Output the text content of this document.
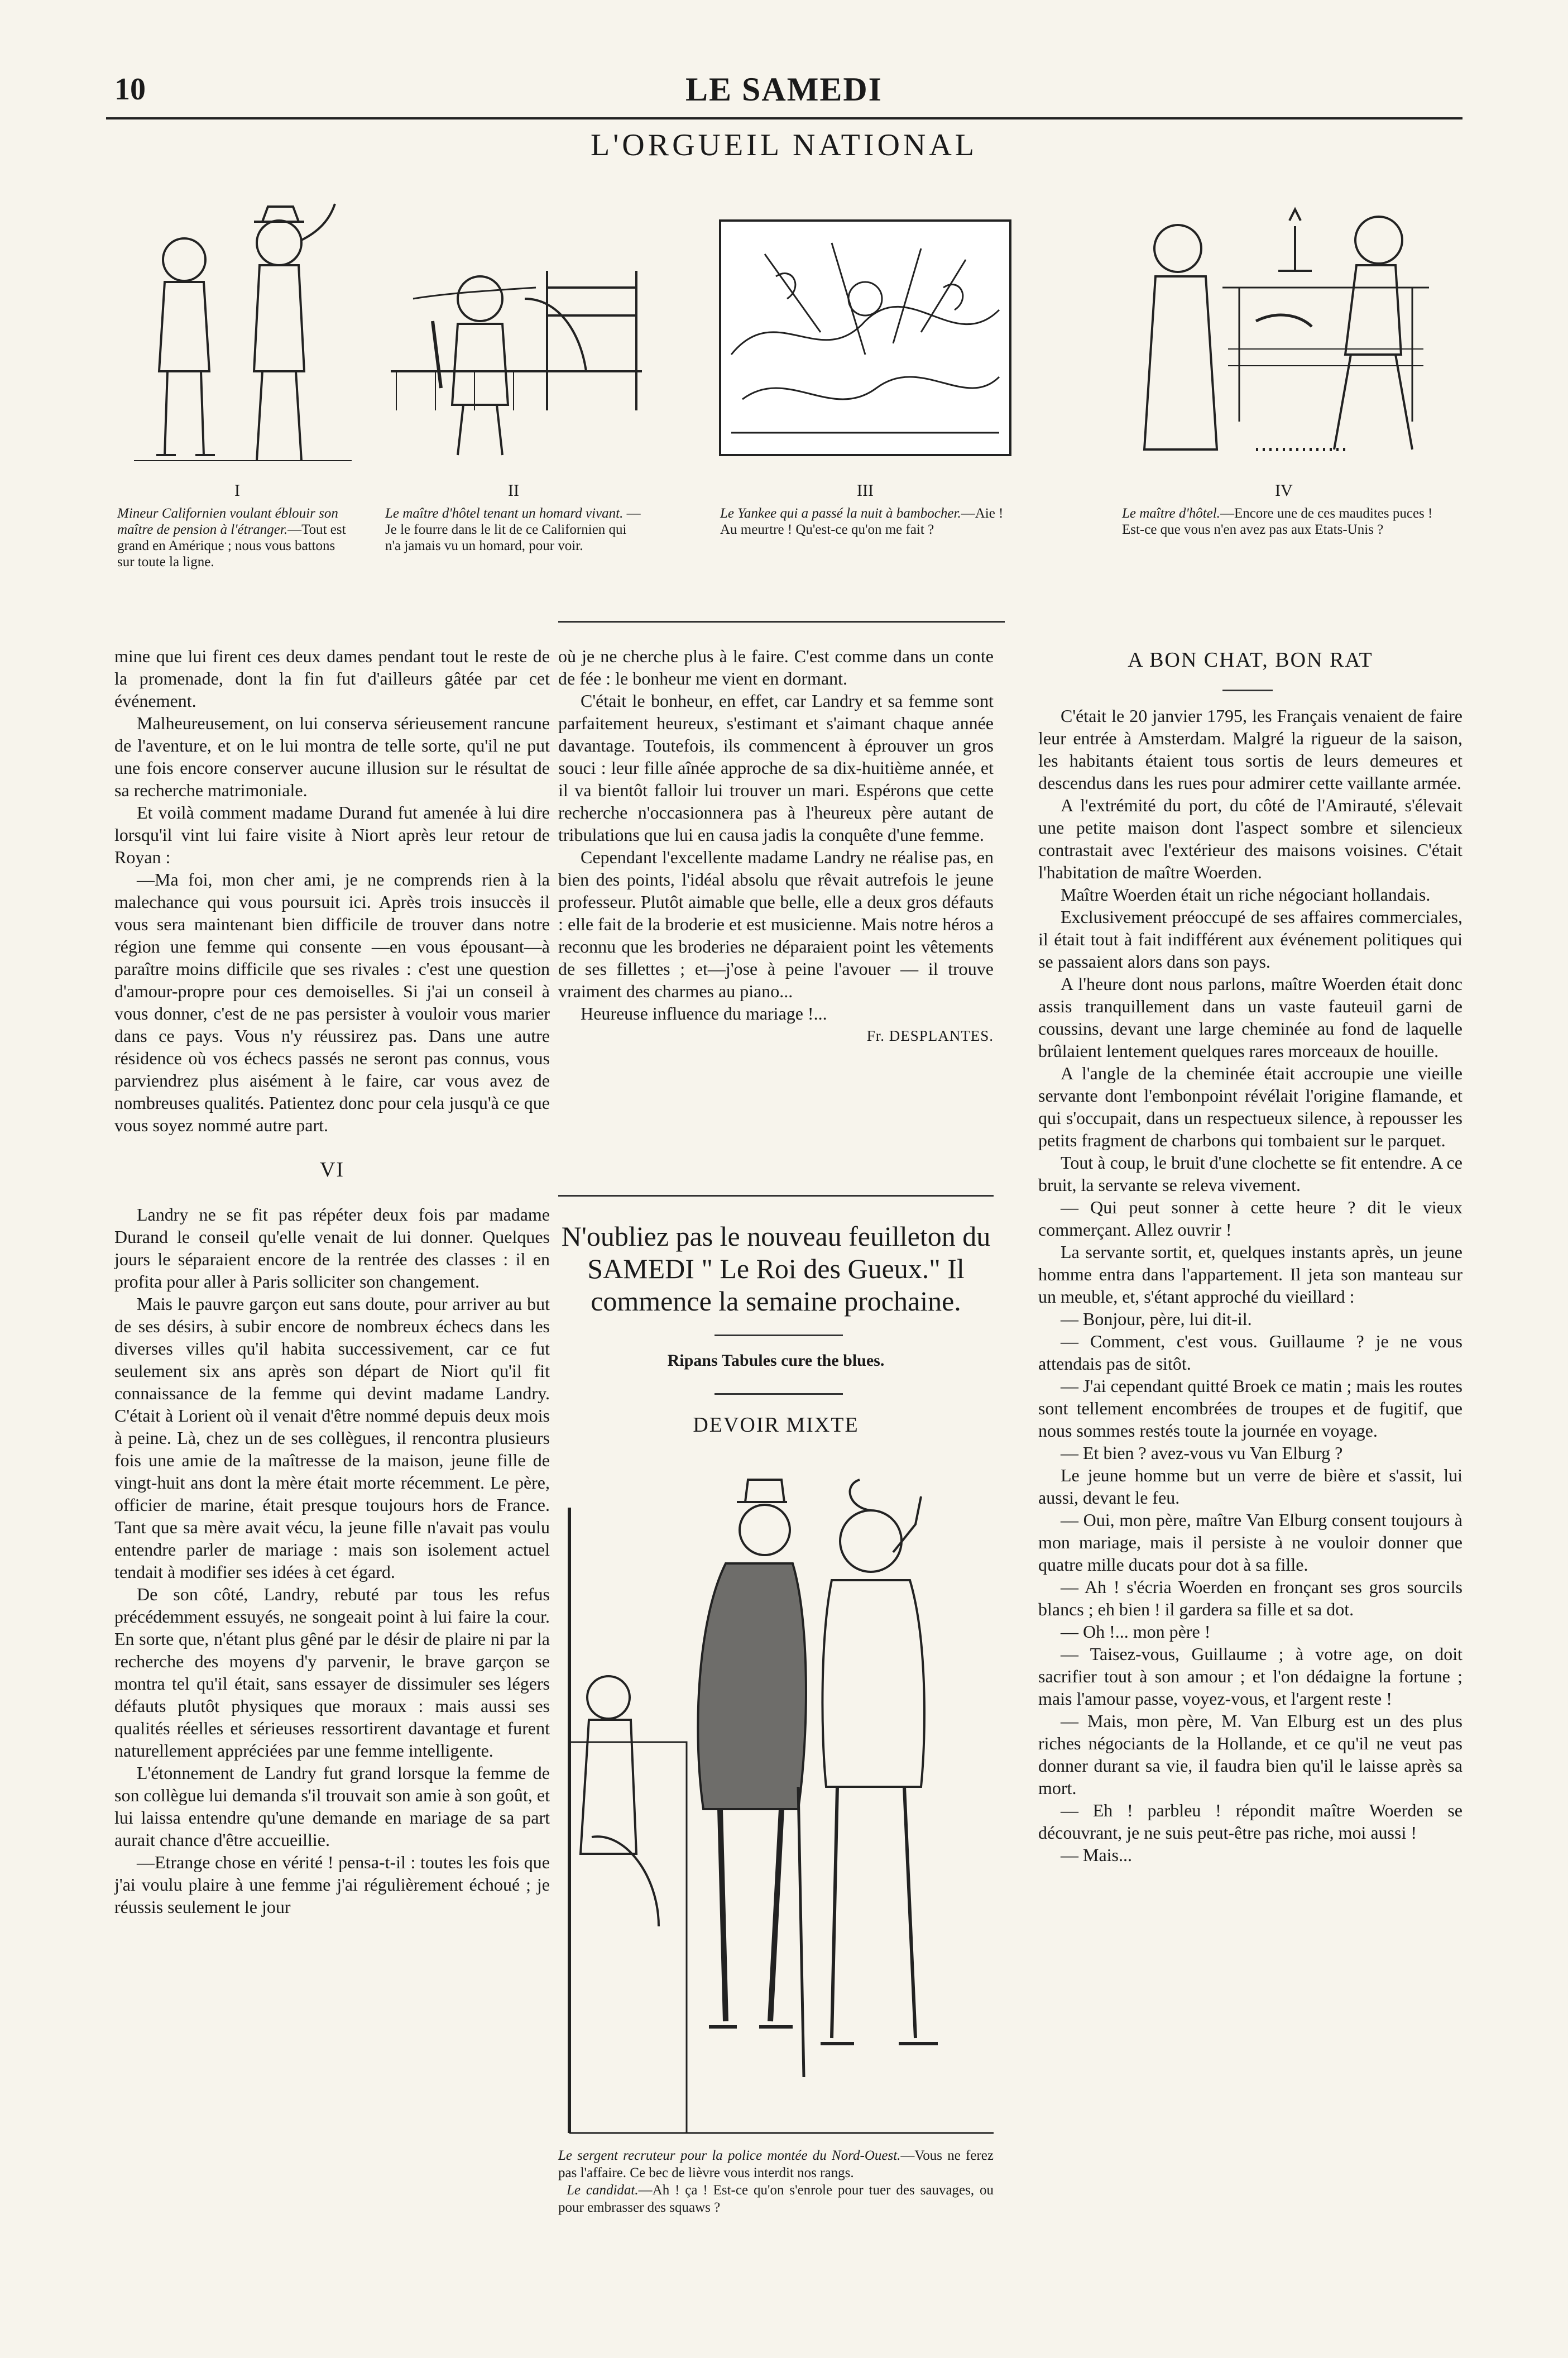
10	LE SAMEDI
L'ORGUEIL NATIONAL
I
Mineur Californien voulant éblouir son maître de pension à l'étranger.—Tout est grand en Amérique ; nous vous battons sur toute la ligne.
II
Le maître d'hôtel tenant un homard vivant. — Je le fourre dans le lit de ce Californien qui n'a jamais vu un homard, pour voir.
III
Le Yankee qui a passé la nuit à bambocher.—Aie ! Au meurtre ! Qu'est-ce qu'on me fait ?
IV
Le maître d'hôtel.—Encore une de ces maudites puces ! Est-ce que vous n'en avez pas aux Etats-Unis ?

mine que lui firent ces deux dames pendant tout le reste de la promenade, dont la fin fut d'ailleurs gâtée par cet événement.

Malheureusement, on lui conserva sérieusement rancune de l'aventure, et on le lui montra de telle sorte, qu'il ne put une fois encore conserver aucune illusion sur le résultat de sa recherche matrimoniale.

Et voilà comment madame Durand fut amenée à lui dire lorsqu'il vint lui faire visite à Niort après leur retour de Royan :

—Ma foi, mon cher ami, je ne comprends rien à la malechance qui vous poursuit ici. Après trois insuccès il vous sera maintenant bien difficile de trouver dans notre région une femme qui consente —en vous épousant—à paraître moins difficile que ses rivales : c'est une question d'amour-propre pour ces demoiselles. Si j'ai un conseil à vous donner, c'est de ne pas persister à vouloir vous marier dans ce pays. Vous n'y réussirez pas. Dans une autre résidence où vos échecs passés ne seront pas connus, vous parviendrez plus aisément à le faire, car vous avez de nombreuses qualités. Patientez donc pour cela jusqu'à ce que vous soyez nommé autre part.

VI

Landry ne se fit pas répéter deux fois par madame Durand le conseil qu'elle venait de lui donner. Quelques jours le séparaient encore de la rentrée des classes : il en profita pour aller à Paris solliciter son changement.

Mais le pauvre garçon eut sans doute, pour arriver au but de ses désirs, à subir encore de nombreux échecs dans les diverses villes qu'il habita successivement, car ce fut seulement six ans après son départ de Niort qu'il fit connaissance de la femme qui devint madame Landry. C'était à Lorient où il venait d'être nommé depuis deux mois à peine. Là, chez un de ses collègues, il rencontra plusieurs fois une amie de la maîtresse de la maison, jeune fille de vingt-huit ans dont la mère était morte récemment. Le père, officier de marine, était presque toujours hors de France. Tant que sa mère avait vécu, la jeune fille n'avait pas voulu entendre parler de mariage : mais son isolement actuel tendait à modifier ses idées à cet égard.

De son côté, Landry, rebuté par tous les refus précédemment essuyés, ne songeait point à lui faire la cour. En sorte que, n'étant plus gêné par le désir de plaire ni par la recherche des moyens d'y parvenir, le brave garçon se montra tel qu'il était, sans essayer de dissimuler ses légers défauts plutôt physiques que moraux : mais aussi ses qualités réelles et sérieuses ressortirent davantage et furent naturellement appréciées par une femme intelligente.

L'étonnement de Landry fut grand lorsque la femme de son collègue lui demanda s'il trouvait son amie à son goût, et lui laissa entendre qu'une demande en mariage de sa part aurait chance d'être accueillie.

—Etrange chose en vérité ! pensa-t-il : toutes les fois que j'ai voulu plaire à une femme j'ai régulièrement échoué ; je réussis seulement le jour

où je ne cherche plus à le faire. C'est comme dans un conte de fée : le bonheur me vient en dormant.

C'était le bonheur, en effet, car Landry et sa femme sont parfaitement heureux, s'estimant et s'aimant chaque année davantage. Toutefois, ils commencent à éprouver un gros souci : leur fille aînée approche de sa dix-huitième année, et il va bientôt falloir lui trouver un mari. Espérons que cette recherche n'occasionnera pas à l'heureux père autant de tribulations que lui en causa jadis la conquête d'une femme.

Cependant l'excellente madame Landry ne réalise pas, en bien des points, l'idéal absolu que rêvait autrefois le jeune professeur. Plutôt aimable que belle, elle a deux gros défauts : elle fait de la broderie et est musicienne. Mais notre héros a reconnu que les broderies ne déparaient point les vêtements de ses fillettes ; et—j'ose à peine l'avouer — il trouve vraiment des charmes au piano...

Heureuse influence du mariage !...

Fr. DESPLANTES.
N'oubliez pas le nouveau feuilleton du SAMEDI " Le Roi des Gueux." Il commence la semaine prochaine.
Ripans Tabules cure the blues.
DEVOIR MIXTE
Le sergent recruteur pour la police montée du Nord-Ouest.—Vous ne ferez pas l'affaire. Ce bec de lièvre vous interdit nos rangs.
Le candidat.—Ah ! ça ! Est-ce qu'on s'enrole pour tuer des sauvages, ou pour embrasser des squaws ?
A BON CHAT, BON RAT

C'était le 20 janvier 1795, les Français venaient de faire leur entrée à Amsterdam. Malgré la rigueur de la saison, les habitants étaient tous sortis de leurs demeures et descendus dans les rues pour admirer cette vaillante armée.

A l'extrémité du port, du côté de l'Amirauté, s'élevait une petite maison dont l'aspect sombre et silencieux contrastait avec l'extérieur des maisons voisines. C'était l'habitation de maître Woerden.

Maître Woerden était un riche négociant hollandais.

Exclusivement préoccupé de ses affaires commerciales, il était tout à fait indifférent aux événement politiques qui se passaient alors dans son pays.

A l'heure dont nous parlons, maître Woerden était donc assis tranquillement dans un vaste fauteuil garni de coussins, devant une large cheminée au fond de laquelle brûlaient lentement quelques rares morceaux de houille.

A l'angle de la cheminée était accroupie une vieille servante dont l'embonpoint révélait l'origine flamande, et qui s'occupait, dans un respectueux silence, à repousser les petits fragment de charbons qui tombaient sur le parquet.

Tout à coup, le bruit d'une clochette se fit entendre. A ce bruit, la servante se releva vivement.

— Qui peut sonner à cette heure ? dit le vieux commerçant. Allez ouvrir !

La servante sortit, et, quelques instants après, un jeune homme entra dans l'appartement. Il jeta son manteau sur un meuble, et, s'étant approché du vieillard :

— Bonjour, père, lui dit-il.

— Comment, c'est vous. Guillaume ? je ne vous attendais pas de sitôt.

— J'ai cependant quitté Broek ce matin ; mais les routes sont tellement encombrées de troupes et de fugitif, que nous sommes restés toute la journée en voyage.

— Et bien ? avez-vous vu Van Elburg ?

Le jeune homme but un verre de bière et s'assit, lui aussi, devant le feu.

— Oui, mon père, maître Van Elburg consent toujours à mon mariage, mais il persiste à ne vouloir donner que quatre mille ducats pour dot à sa fille.

— Ah ! s'écria Woerden en fronçant ses gros sourcils blancs ; eh bien ! il gardera sa fille et sa dot.

— Oh !... mon père !

— Taisez-vous, Guillaume ; à votre age, on doit sacrifier tout à son amour ; et l'on dédaigne la fortune ; mais l'amour passe, voyez-vous, et l'argent reste !

— Mais, mon père, M. Van Elburg est un des plus riches négociants de la Hollande, et ce qu'il ne veut pas donner durant sa vie, il faudra bien qu'il le laisse après sa mort.

— Eh ! parbleu ! répondit maître Woerden se découvrant, je ne suis peut-être pas riche, moi aussi !

— Mais...
